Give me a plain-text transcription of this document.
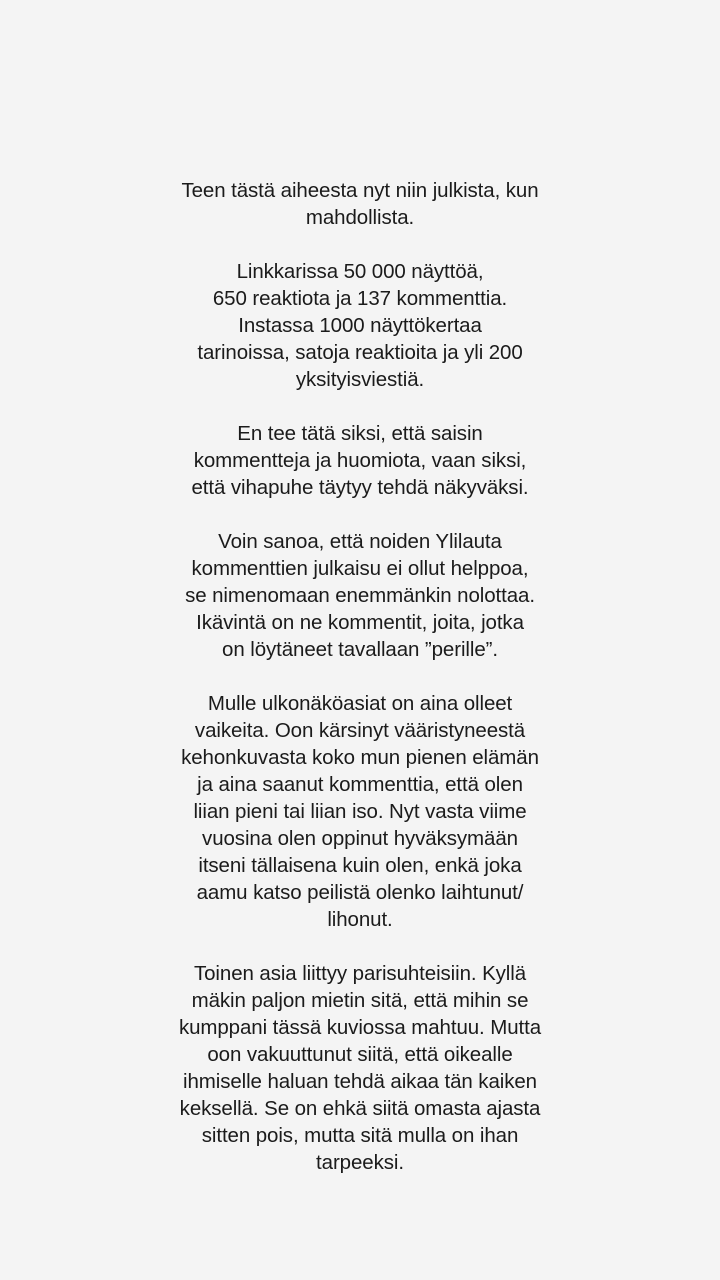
Teen tästä aiheesta nyt niin julkista, kun
mahdollista.

Linkkarissa 50 000 näyttöä,
650 reaktiota ja 137 kommenttia.
Instassa 1000 näyttökertaa
tarinoissa, satoja reaktioita ja yli 200
yksityisviestiä.

En tee tätä siksi, että saisin
kommentteja ja huomiota, vaan siksi,
että vihapuhe täytyy tehdä näkyväksi.

Voin sanoa, että noiden Ylilauta
kommenttien julkaisu ei ollut helppoa,
se nimenomaan enemmänkin nolottaa.
Ikävintä on ne kommentit, joita, jotka
on löytäneet tavallaan ”perille”.

Mulle ulkonäköasiat on aina olleet
vaikeita. Oon kärsinyt vääristyneestä
kehonkuvasta koko mun pienen elämän
ja aina saanut kommenttia, että olen
liian pieni tai liian iso. Nyt vasta viime
vuosina olen oppinut hyväksymään
itseni tällaisena kuin olen, enkä joka
aamu katso peilistä olenko laihtunut/
lihonut.

Toinen asia liittyy parisuhteisiin. Kyllä
mäkin paljon mietin sitä, että mihin se
kumppani tässä kuviossa mahtuu. Mutta
oon vakuuttunut siitä, että oikealle
ihmiselle haluan tehdä aikaa tän kaiken
keksellä. Se on ehkä siitä omasta ajasta
sitten pois, mutta sitä mulla on ihan
tarpeeksi.
